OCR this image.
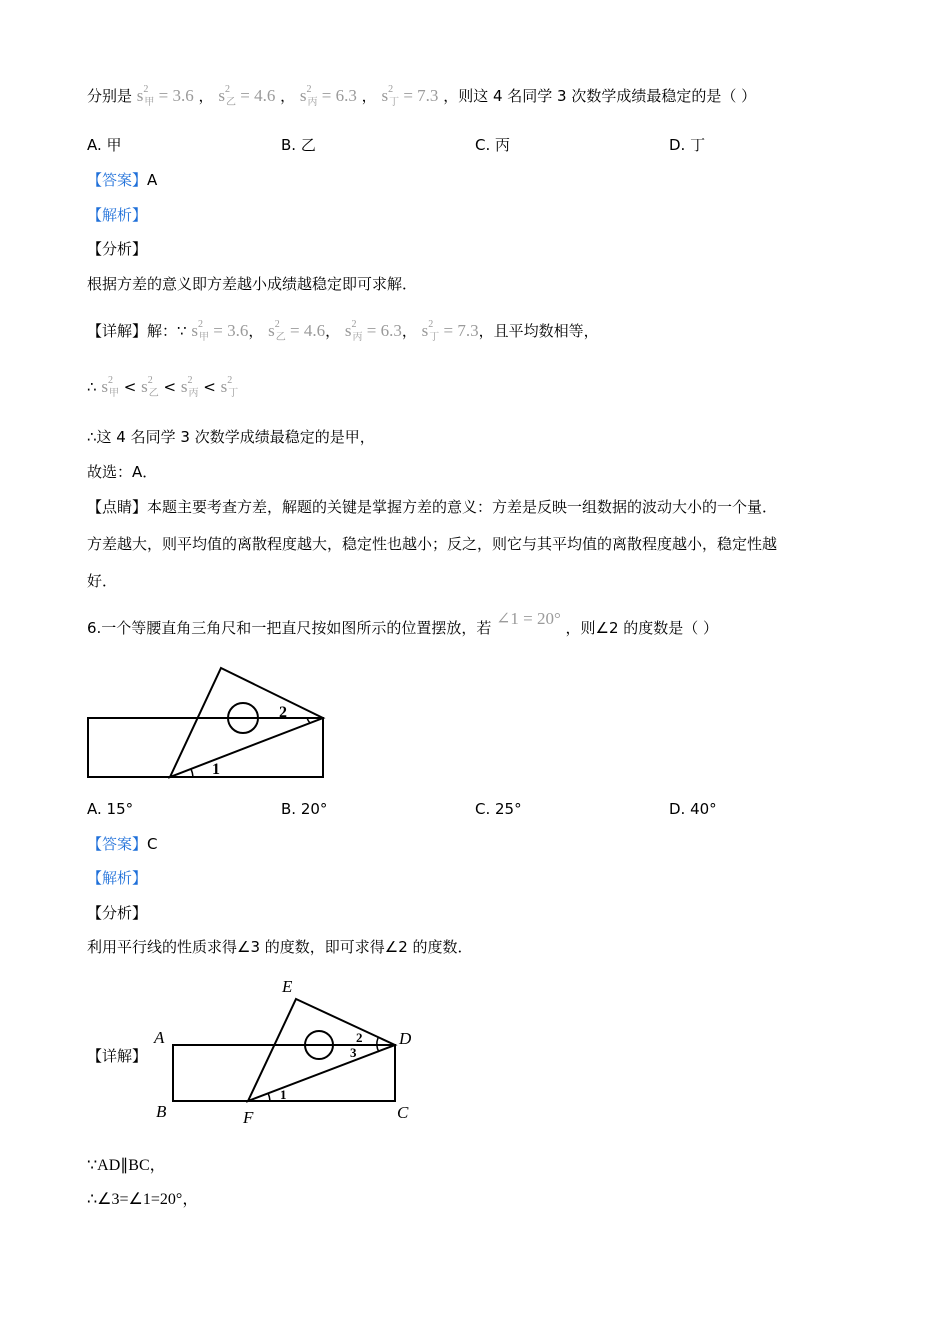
分别是 $s^2_甲 = 3.6$ ， $s^2_乙 = 4.6$ ， $s^2_丙 = 6.3$ ， $s^2_丁 = 7.3$ ，则这 4 名同学 3 次数学成绩最稳定的是（ ）
A. 甲	B. 乙	C. 丙	D. 丁
【答案】A
【解析】
【分析】
根据方差的意义即方差越小成绩越稳定即可求解．
【详解】解：∵ $s^2_甲 = 3.6$， $s^2_乙 = 4.6$， $s^2_丙 = 6.3$， $s^2_丁 = 7.3$，且平均数相等，
∴ $s^2_甲 < s^2_乙 < s^2_丙 < s^2_丁$
∴这 4 名同学 3 次数学成绩最稳定的是甲，
故选：A．
【点睛】本题主要考查方差，解题的关键是掌握方差的意义：方差是反映一组数据的波动大小的一个量．
方差越大，则平均值的离散程度越大，稳定性也越小；反之，则它与其平均值的离散程度越小，稳定性越
好．
6.一个等腰直角三角尺和一把直尺按如图所示的位置摆放，若 ∠1 = 20° ，则∠2 的度数是（ ）
1
2
A. 15°	B. 20°	C. 25°	D. 40°
【答案】C
【解析】
【分析】
利用平行线的性质求得∠3 的度数，即可求得∠2 的度数．
【详解】
A
B	C
D
E
F
1
2
3
∵AD∥BC，
∴∠3=∠1=20°，
